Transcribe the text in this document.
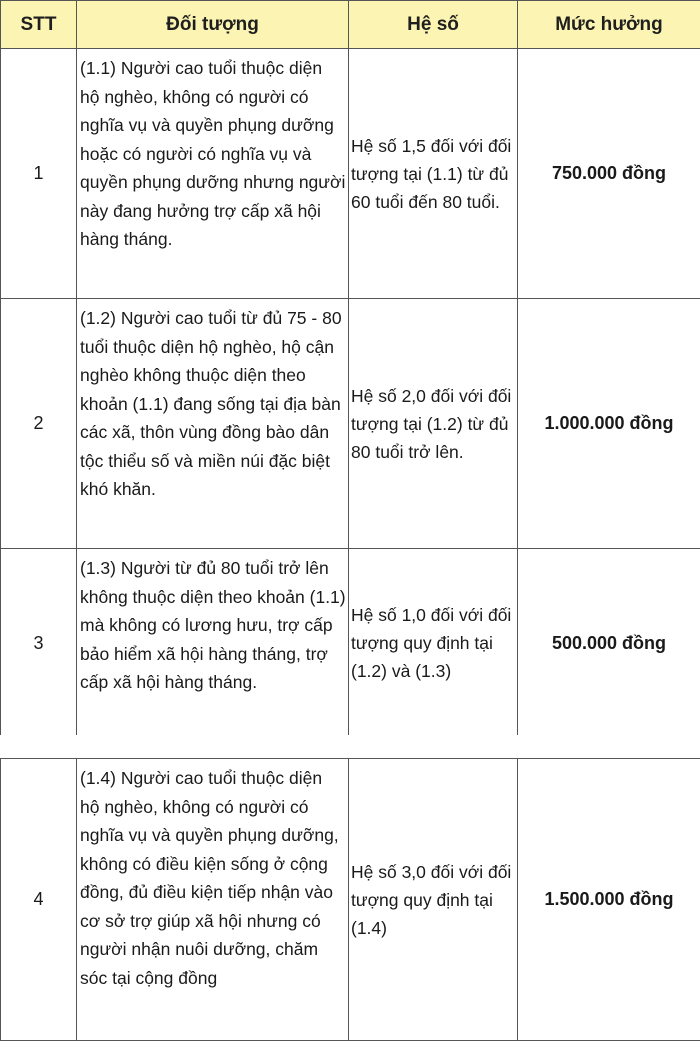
STT	Đối tượng	Hệ số	Mức hưởng
1	(1.1) Người cao tuổi thuộc diện hộ nghèo, không có người có nghĩa vụ và quyền phụng dưỡng hoặc có người có nghĩa vụ và quyền phụng dưỡng nhưng người này đang hưởng trợ cấp xã hội hàng tháng.	Hệ số 1,5 đối với đối tượng tại (1.1) từ đủ 60 tuổi đến 80 tuổi.	750.000 đồng
2	(1.2) Người cao tuổi từ đủ 75 - 80 tuổi thuộc diện hộ nghèo, hộ cận nghèo không thuộc diện theo khoản (1.1) đang sống tại địa bàn các xã, thôn vùng đồng bào dân tộc thiểu số và miền núi đặc biệt khó khăn.	Hệ số 2,0 đối với đối tượng tại (1.2) từ đủ 80 tuổi trở lên.	1.000.000 đồng
3	(1.3) Người từ đủ 80 tuổi trở lên không thuộc diện theo khoản (1.1) mà không có lương hưu, trợ cấp bảo hiểm xã hội hàng tháng, trợ cấp xã hội hàng tháng.	Hệ số 1,0 đối với đối tượng quy định tại (1.2) và (1.3)	500.000 đồng
4	(1.4) Người cao tuổi thuộc diện hộ nghèo, không có người có nghĩa vụ và quyền phụng dưỡng, không có điều kiện sống ở cộng đồng, đủ điều kiện tiếp nhận vào cơ sở trợ giúp xã hội nhưng có người nhận nuôi dưỡng, chăm sóc tại cộng đồng	Hệ số 3,0 đối với đối tượng quy định tại (1.4)	1.500.000 đồng
